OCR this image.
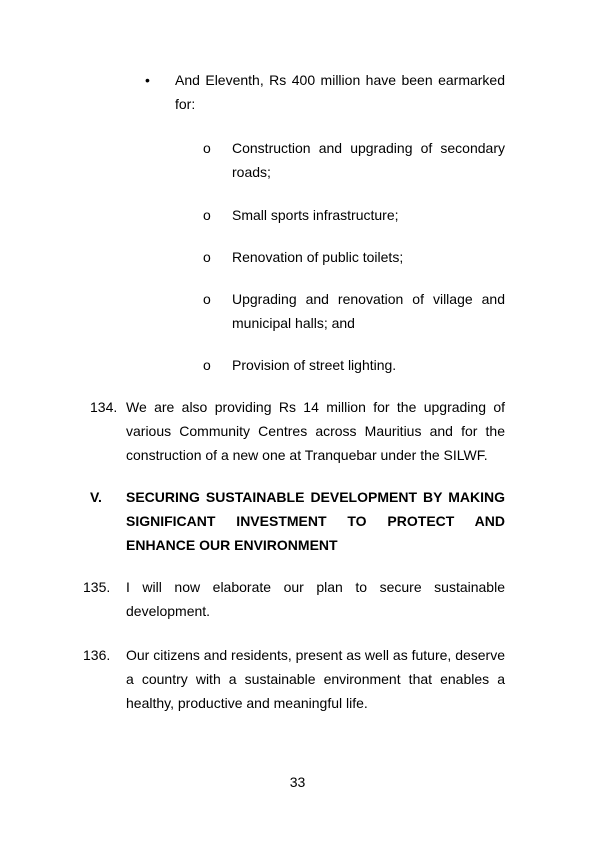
• And Eleventh, Rs 400 million have been earmarked
for:
o Construction and upgrading of secondary
roads;
o Small sports infrastructure;
o Renovation of public toilets;
o Upgrading and renovation of village and
municipal halls; and
o Provision of street lighting.
134. We are also providing Rs 14 million for the upgrading of
various Community Centres across Mauritius and for the
construction of a new one at Tranquebar under the SILWF.
V. SECURING SUSTAINABLE DEVELOPMENT BY MAKING
SIGNIFICANT INVESTMENT TO PROTECT AND
ENHANCE OUR ENVIRONMENT
135. I will now elaborate our plan to secure sustainable
development.
136. Our citizens and residents, present as well as future, deserve
a country with a sustainable environment that enables a
healthy, productive and meaningful life.
33
